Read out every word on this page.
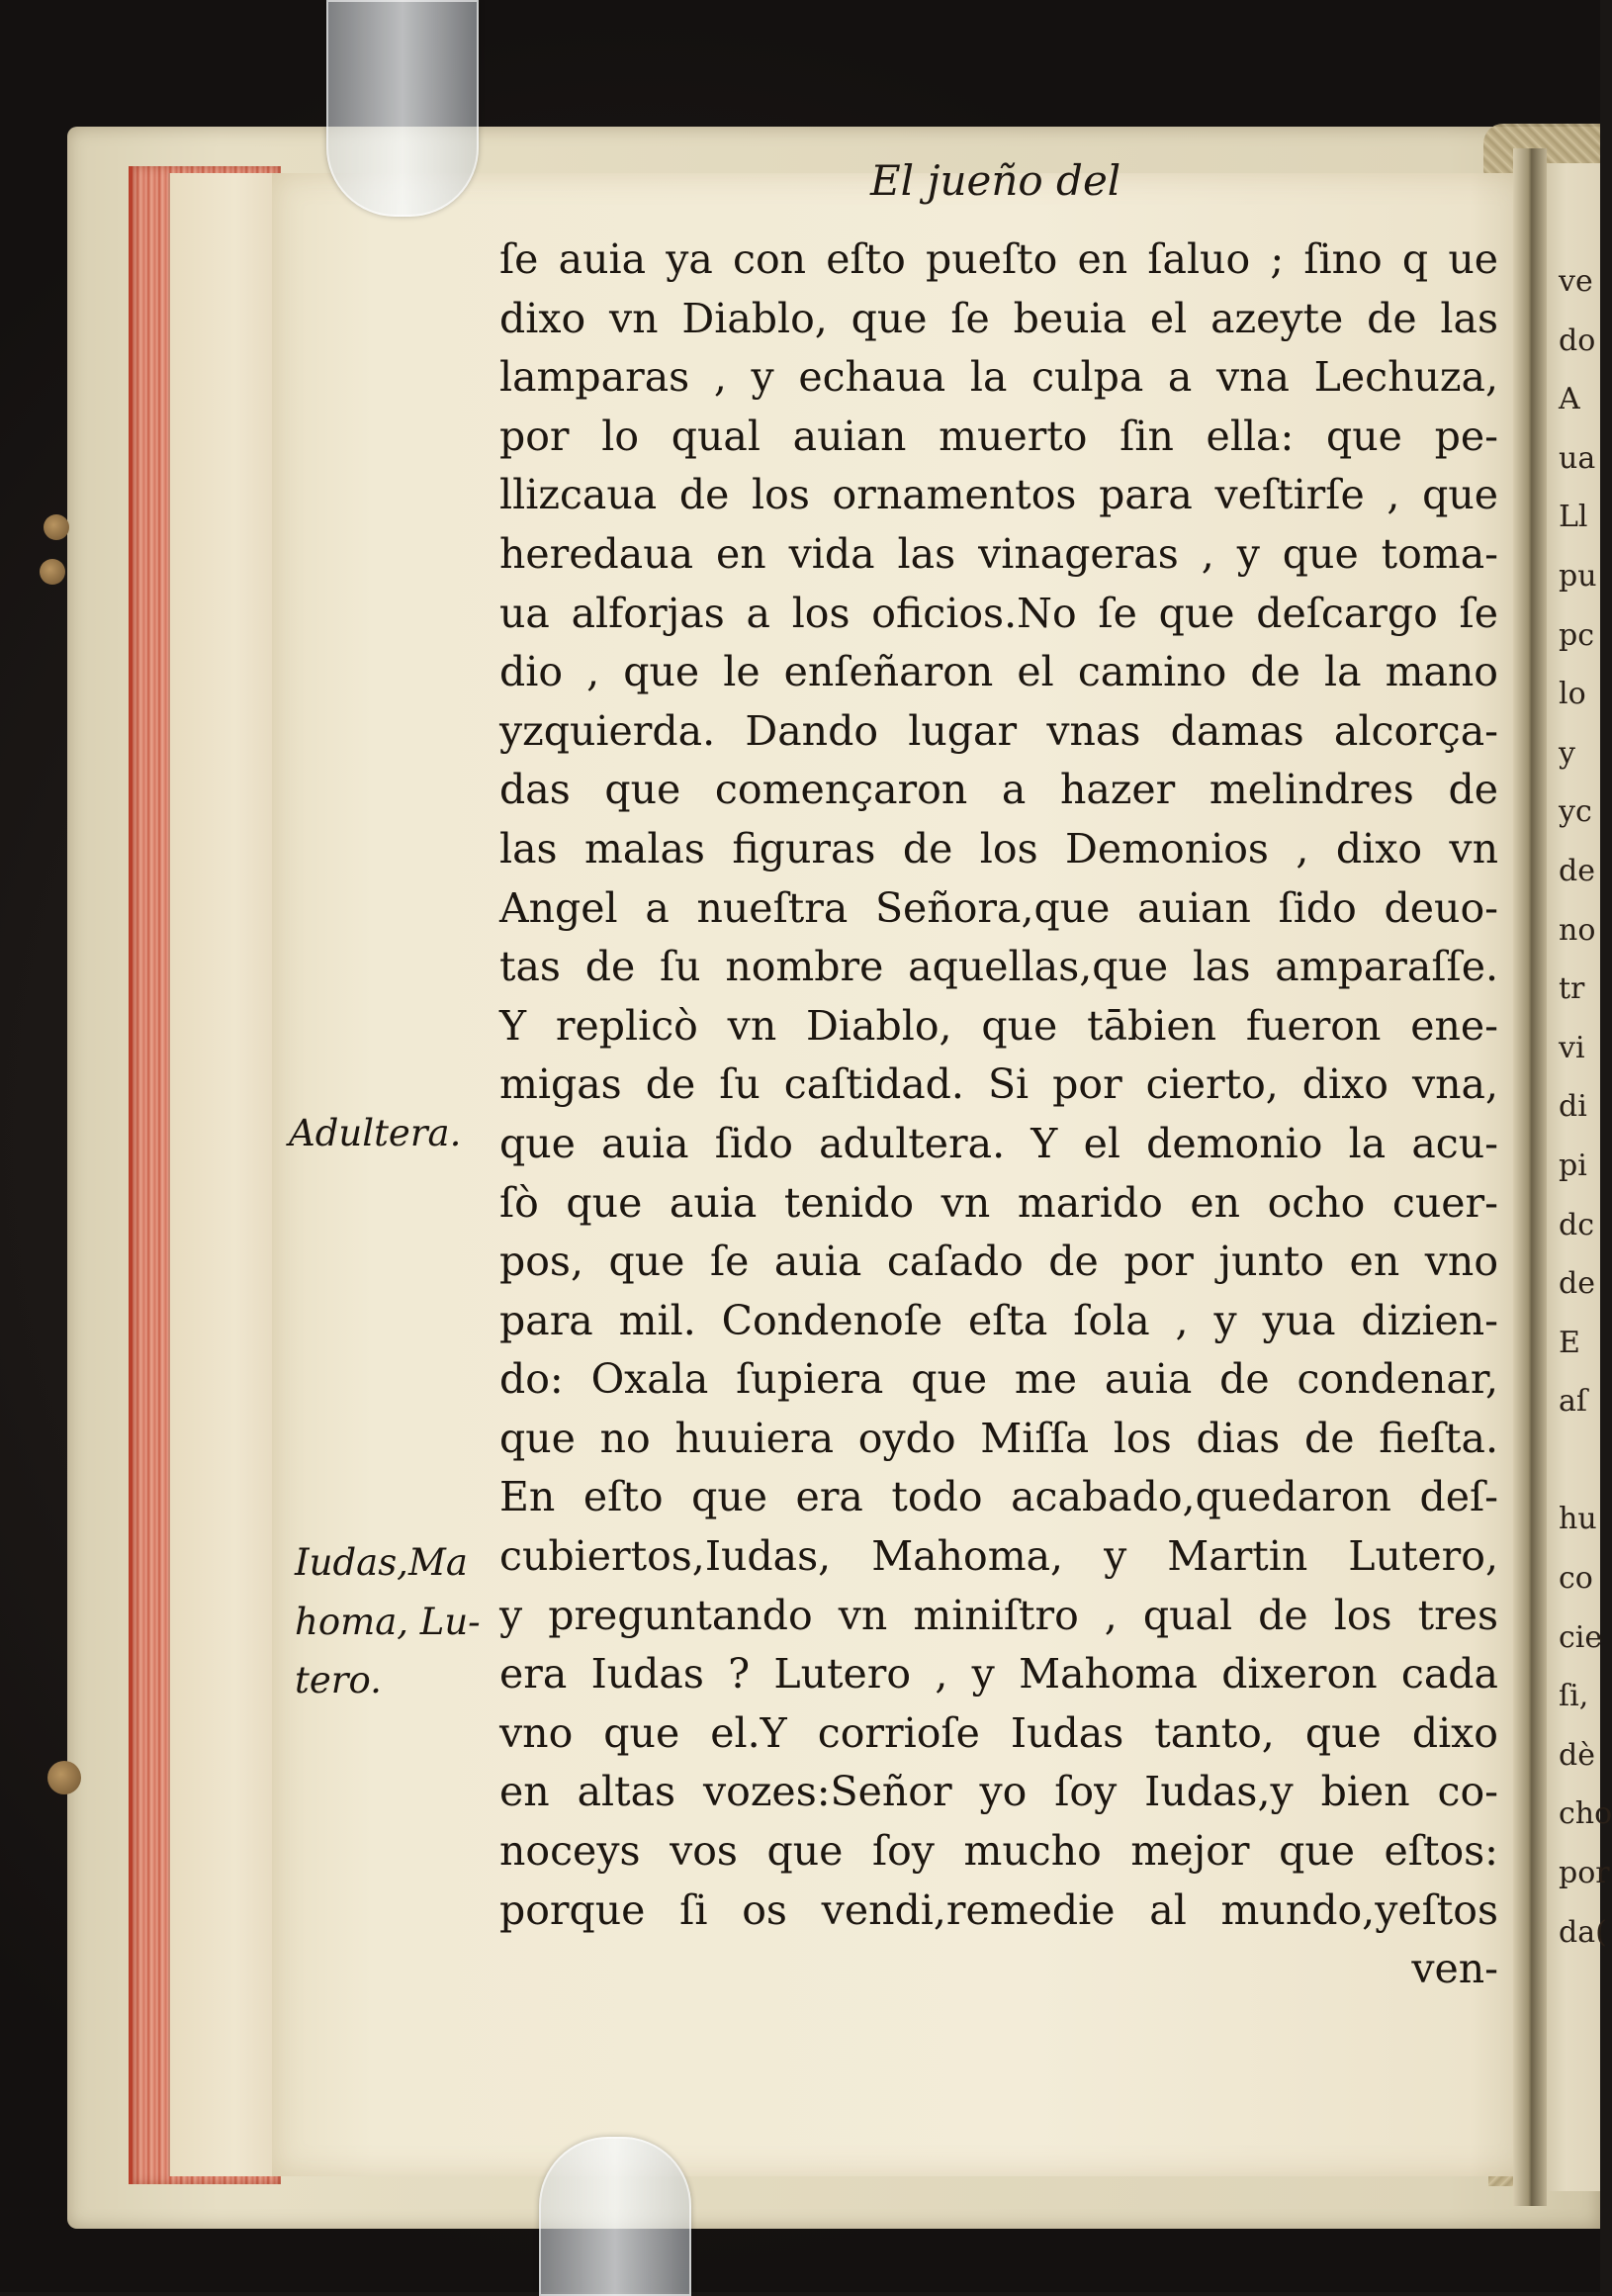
ve
do
A
ua
Ll
pu
pc
lo
y
yc
de
no
tr
vi
di
pi
dc
de
E
aſ
hu
co
cie
ſi,
dè
cho
por
da(
El jueño del
ſe auia ya con eſto pueſto en ſaluo ; ſino q ue
dixo vn Diablo, que ſe beuia el azeyte de las
lamparas , y echaua la culpa a vna Lechuza,
por lo qual auian muerto ſin ella: que pe-
llizcaua de los ornamentos para veſtirſe , que
heredaua en vida las vinageras , y que toma-
ua alforjas a los oficios.No ſe que deſcargo ſe
dio , que le enſeñaron el camino de la mano
yzquierda. Dando lugar vnas damas alcorça-
das que començaron a hazer melindres de
las malas figuras de los Demonios , dixo vn
Angel a nueſtra Señora,que auian ſido deuo-
tas de ſu nombre aquellas,que las amparaſſe.
Y replicò vn Diablo, que tābien fueron ene-
migas de ſu caſtidad. Si por cierto, dixo vna,
que auia ſido adultera. Y el demonio la acu-
ſò que auia tenido vn marido en ocho cuer-
pos, que ſe auia caſado de por junto en vno
para mil. Condenoſe eſta ſola , y yua dizien-
do: Oxala ſupiera que me auia de condenar,
que no huuiera oydo Miſſa los dias de fieſta.
En eſto que era todo acabado,quedaron deſ-
cubiertos,Iudas, Mahoma, y Martin Lutero,
y preguntando vn miniſtro , qual de los tres
era Iudas ? Lutero , y Mahoma dixeron cada
vno que el.Y corrioſe Iudas tanto, que dixo
en altas vozes:Señor yo ſoy Iudas,y bien co-
noceys vos que ſoy mucho mejor que eſtos:
porque ſi os vendi,remedie al mundo,yeſtos
ven-
Adultera.
Iudas,Ma
homa, Lu-
tero.
